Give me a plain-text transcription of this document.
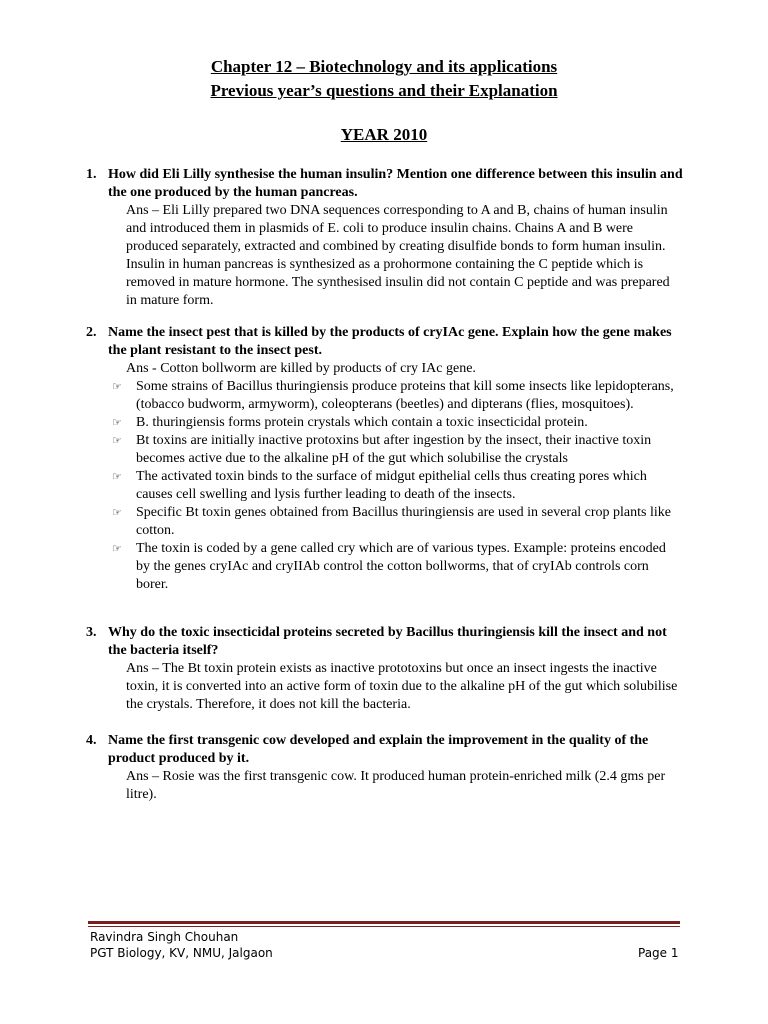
Chapter 12 – Biotechnology and its applications
Previous year’s questions and their Explanation
YEAR 2010
1. How did Eli Lilly synthesise the human insulin? Mention one difference between this insulin and the one produced by the human pancreas.

Ans – Eli Lilly prepared two DNA sequences corresponding to A and B, chains of human insulin and introduced them in plasmids of E. coli to produce insulin chains. Chains A and B were produced separately, extracted and combined by creating disulfide bonds to form human insulin. Insulin in human pancreas is synthesized as a prohormone containing the C peptide which is removed in mature hormone. The synthesised insulin did not contain C peptide and was prepared in mature form.

2. Name the insect pest that is killed by the products of cryIAc gene. Explain how the gene makes the plant resistant to the insect pest.

Ans - Cotton bollworm are killed by products of cry IAc gene.

☞ Some strains of Bacillus thuringiensis produce proteins that kill some insects like lepidopterans, (tobacco budworm, armyworm), coleopterans (beetles) and dipterans (flies, mosquitoes).
☞ B. thuringiensis forms protein crystals which contain a toxic insecticidal protein.
☞ Bt toxins are initially inactive protoxins but after ingestion by the insect, their inactive toxin becomes active due to the alkaline pH of the gut which solubilise the crystals
☞ The activated toxin binds to the surface of midgut epithelial cells thus creating pores which causes cell swelling and lysis further leading to death of the insects.
☞ Specific Bt toxin genes obtained from Bacillus thuringiensis are used in several crop plants like cotton.
☞ The toxin is coded by a gene called cry which are of various types. Example: proteins encoded by the genes cryIAc and cryIIAb control the cotton bollworms, that of cryIAb controls corn borer.
3. Why do the toxic insecticidal proteins secreted by Bacillus thuringiensis kill the insect and not the bacteria itself?

Ans – The Bt toxin protein exists as inactive prototoxins but once an insect ingests the inactive toxin, it is converted into an active form of toxin due to the alkaline pH of the gut which solubilise the crystals. Therefore, it does not kill the bacteria.

4. Name the first transgenic cow developed and explain the improvement in the quality of the product produced by it.

Ans – Rosie was the first transgenic cow. It produced human protein-enriched milk (2.4 gms per litre).

Ravindra Singh Chouhan
PGT Biology, KV, NMU, Jalgaon	Page 1
